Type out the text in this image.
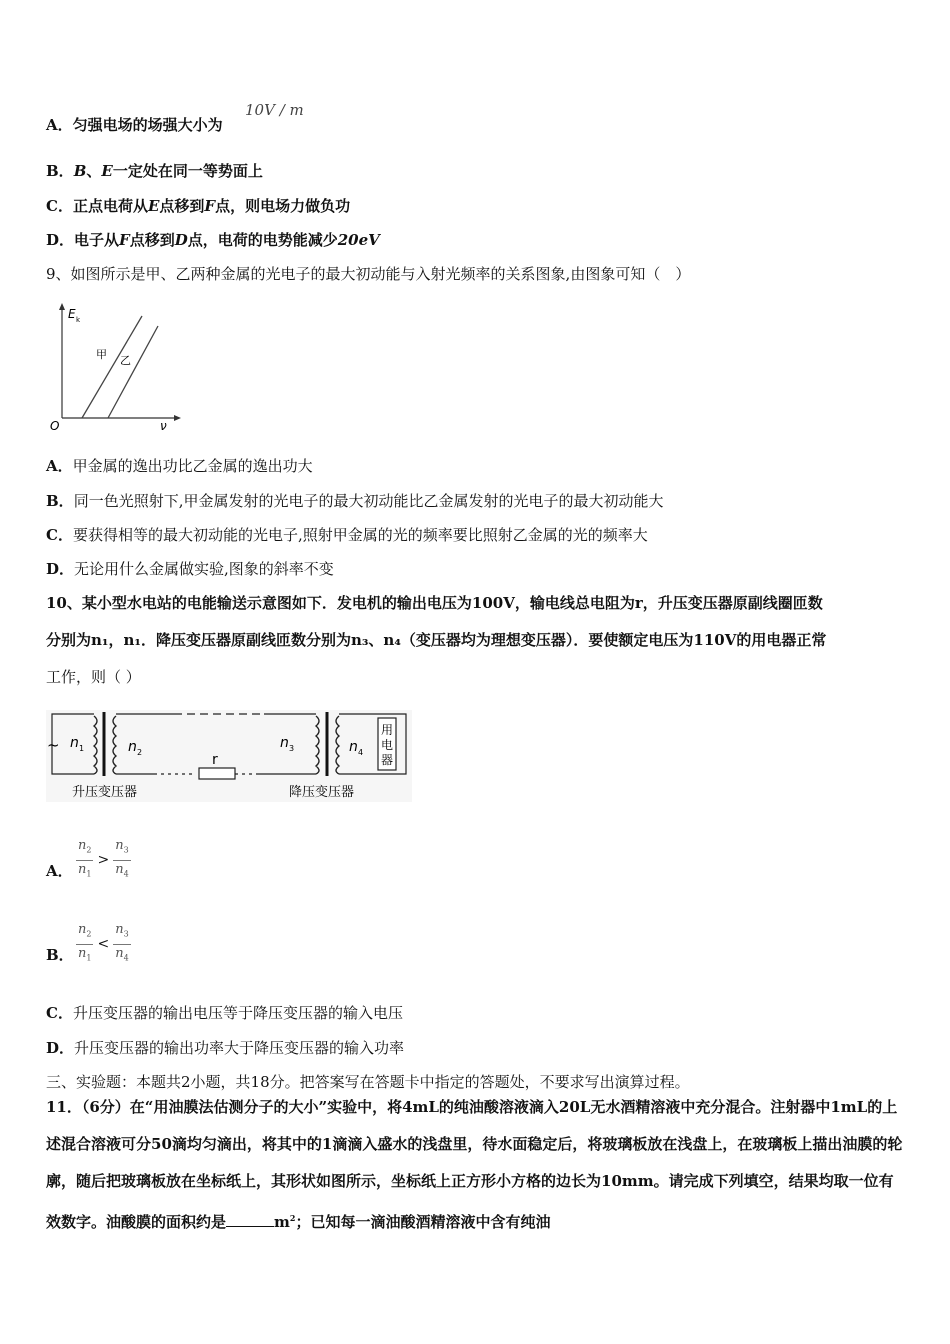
A．匀强电场的场强大小为
10V / m
B．B、E一定处在同一等势面上
C．正点电荷从E点移到F点，则电场力做负功
D．电子从F点移到D点，电荷的电势能减少20eV
9、如图所示是甲、乙两种金属的光电子的最大初动能与入射光频率的关系图象,由图象可知（　）
E k
ν
O
甲 乙
A．甲金属的逸出功比乙金属的逸出功大
B．同一色光照射下,甲金属发射的光电子的最大初动能比乙金属发射的光电子的最大初动能大
C．要获得相等的最大初动能的光电子,照射甲金属的光的频率要比照射乙金属的光的频率大
D．无论用什么金属做实验,图象的斜率不变
10、某小型水电站的电能输送示意图如下．发电机的输出电压为100V，输电线总电阻为r，升压变压器原副线圈匝数
分别为n₁，n₁．降压变压器原副线匝数分别为n₃、n₄（变压器均为理想变压器）．要使额定电压为110V的用电器正常
工作，则（ ）
~ n 1	n 2	r
n 3	n 4
用
电
器
升压变压器	降压变压器
A． $\frac{n_2}{n_1} > \frac{n_3}{n_4}$
B． $\frac{n_2}{n_1} < \frac{n_3}{n_4}$
C．升压变压器的输出电压等于降压变压器的输入电压
D．升压变压器的输出功率大于降压变压器的输入功率
三、实验题：本题共2小题，共18分。把答案写在答题卡中指定的答题处，不要求写出演算过程。
11．（6分）在“用油膜法估测分子的大小”实验中，将4mL的纯油酸溶液滴入20L无水酒精溶液中充分混合。注射器中1mL的上述混合溶液可分50滴均匀滴出，将其中的1滴滴入盛水的浅盘里，待水面稳定后，将玻璃板放在浅盘上，在玻璃板上描出油膜的轮廓，随后把玻璃板放在坐标纸上，其形状如图所示，坐标纸上正方形小方格的边长为10mm。请完成下列填空，结果均取一位有效数字。油酸膜的面积约是	$m^2$；已知每一滴油酸酒精溶液中含有纯油
